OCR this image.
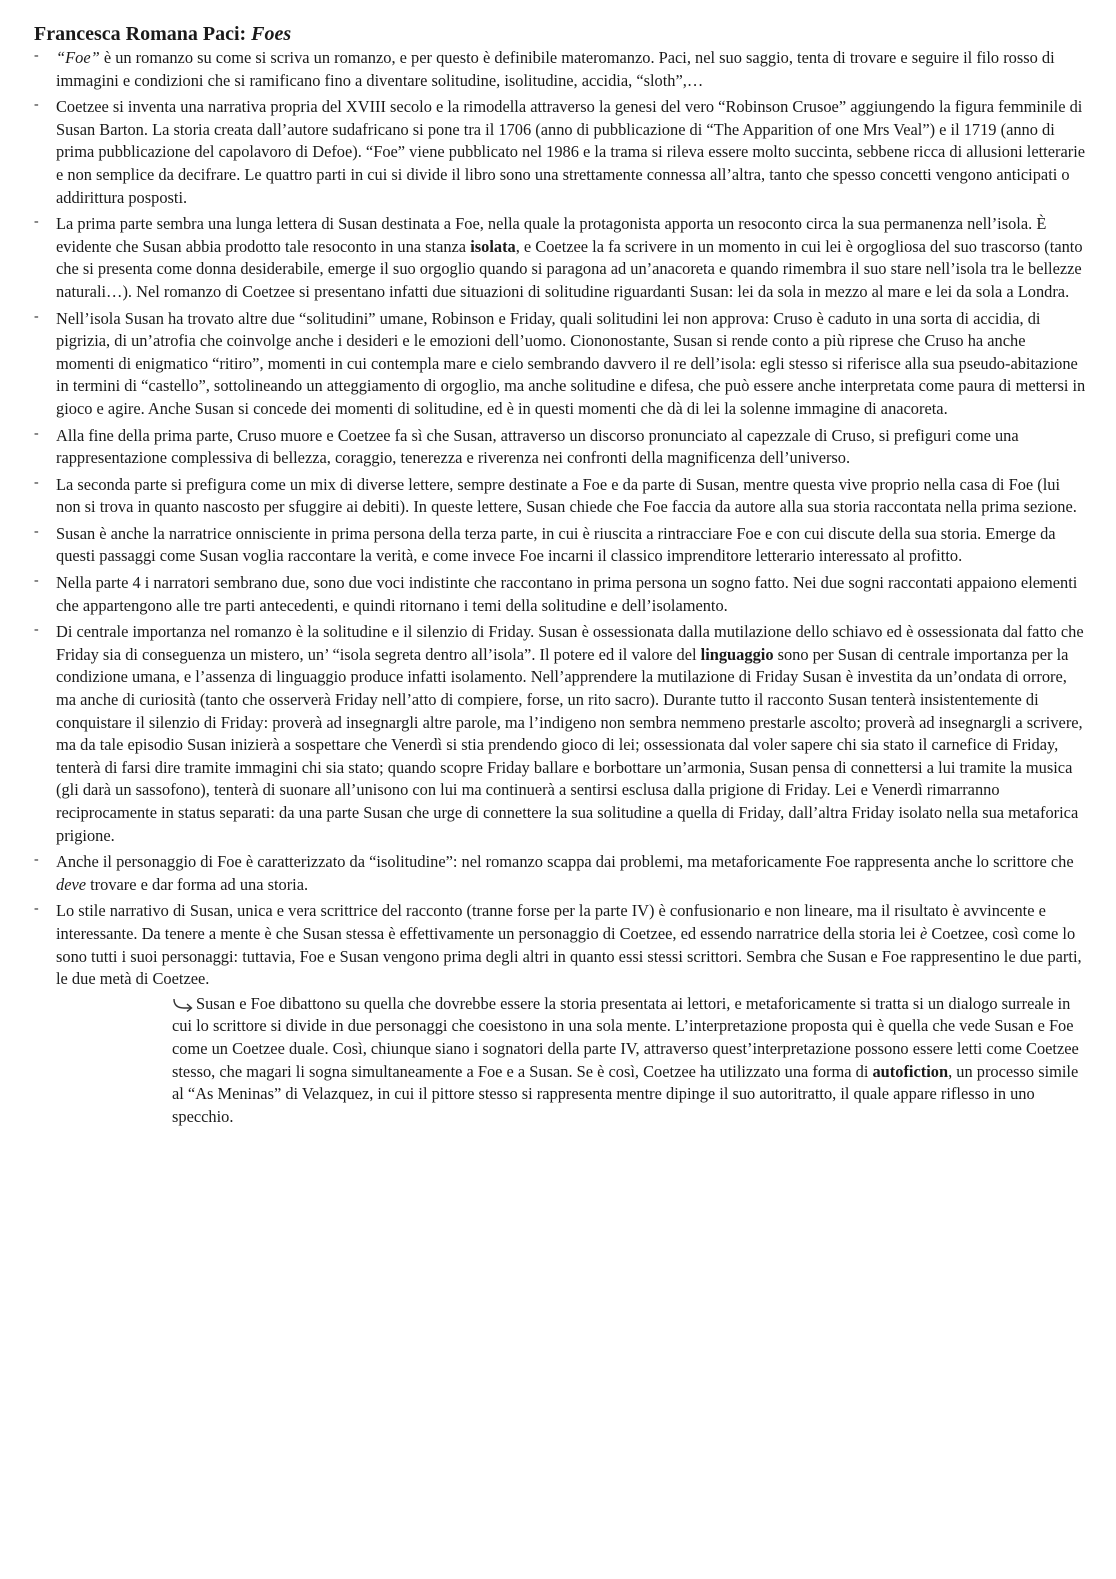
Francesca Romana Paci: Foes
- “Foe” è un romanzo su come si scriva un romanzo, e per questo è definibile materomanzo. Paci, nel suo saggio, tenta di trovare e seguire il filo rosso di immagini e condizioni che si ramificano fino a diventare solitudine, isolitudine, accidia, “sloth”,…
- Coetzee si inventa una narrativa propria del XVIII secolo e la rimodella attraverso la genesi del vero “Robinson Crusoe” aggiungendo la figura femminile di Susan Barton. La storia creata dall’autore sudafricano si pone tra il 1706 (anno di pubblicazione di “The Apparition of one Mrs Veal”) e il 1719 (anno di prima pubblicazione del capolavoro di Defoe). “Foe” viene pubblicato nel 1986 e la trama si rileva essere molto succinta, sebbene ricca di allusioni letterarie e non semplice da decifrare. Le quattro parti in cui si divide il libro sono una strettamente connessa all’altra, tanto che spesso concetti vengono anticipati o addirittura posposti.
- La prima parte sembra una lunga lettera di Susan destinata a Foe, nella quale la protagonista apporta un resoconto circa la sua permanenza nell’isola. È evidente che Susan abbia prodotto tale resoconto in una stanza isolata, e Coetzee la fa scrivere in un momento in cui lei è orgogliosa del suo trascorso (tanto che si presenta come donna desiderabile, emerge il suo orgoglio quando si paragona ad un’anacoreta e quando rimembra il suo stare nell’isola tra le bellezze naturali…). Nel romanzo di Coetzee si presentano infatti due situazioni di solitudine riguardanti Susan: lei da sola in mezzo al mare e lei da sola a Londra.
- Nell’isola Susan ha trovato altre due “solitudini” umane, Robinson e Friday, quali solitudini lei non approva: Cruso è caduto in una sorta di accidia, di pigrizia, di un’atrofia che coinvolge anche i desideri e le emozioni dell’uomo. Ciononostante, Susan si rende conto a più riprese che Cruso ha anche momenti di enigmatico “ritiro”, momenti in cui contempla mare e cielo sembrando davvero il re dell’isola: egli stesso si riferisce alla sua pseudo-abitazione in termini di “castello”, sottolineando un atteggiamento di orgoglio, ma anche solitudine e difesa, che può essere anche interpretata come paura di mettersi in gioco e agire. Anche Susan si concede dei momenti di solitudine, ed è in questi momenti che dà di lei la solenne immagine di anacoreta.
- Alla fine della prima parte, Cruso muore e Coetzee fa sì che Susan, attraverso un discorso pronunciato al capezzale di Cruso, si prefiguri come una rappresentazione complessiva di bellezza, coraggio, tenerezza e riverenza nei confronti della magnificenza dell’universo.
- La seconda parte si prefigura come un mix di diverse lettere, sempre destinate a Foe e da parte di Susan, mentre questa vive proprio nella casa di Foe (lui non si trova in quanto nascosto per sfuggire ai debiti). In queste lettere, Susan chiede che Foe faccia da autore alla sua storia raccontata nella prima sezione.
- Susan è anche la narratrice onnisciente in prima persona della terza parte, in cui è riuscita a rintracciare Foe e con cui discute della sua storia. Emerge da questi passaggi come Susan voglia raccontare la verità, e come invece Foe incarni il classico imprenditore letterario interessato al profitto.
- Nella parte 4 i narratori sembrano due, sono due voci indistinte che raccontano in prima persona un sogno fatto. Nei due sogni raccontati appaiono elementi che appartengono alle tre parti antecedenti, e quindi ritornano i temi della solitudine e dell’isolamento.
- Di centrale importanza nel romanzo è la solitudine e il silenzio di Friday. Susan è ossessionata dalla mutilazione dello schiavo ed è ossessionata dal fatto che Friday sia di conseguenza un mistero, un’ “isola segreta dentro all’isola”. Il potere ed il valore del linguaggio sono per Susan di centrale importanza per la condizione umana, e l’assenza di linguaggio produce infatti isolamento. Nell’apprendere la mutilazione di Friday Susan è investita da un’ondata di orrore, ma anche di curiosità (tanto che osserverà Friday nell’atto di compiere, forse, un rito sacro). Durante tutto il racconto Susan tenterà insistentemente di conquistare il silenzio di Friday: proverà ad insegnargli altre parole, ma l’indigeno non sembra nemmeno prestarle ascolto; proverà ad insegnargli a scrivere, ma da tale episodio Susan inizierà a sospettare che Venerdì si stia prendendo gioco di lei; ossessionata dal voler sapere chi sia stato il carnefice di Friday, tenterà di farsi dire tramite immagini chi sia stato; quando scopre Friday ballare e borbottare un’armonia, Susan pensa di connettersi a lui tramite la musica (gli darà un sassofono), tenterà di suonare all’unisono con lui ma continuerà a sentirsi esclusa dalla prigione di Friday. Lei e Venerdì rimarranno reciprocamente in status separati: da una parte Susan che urge di connettere la sua solitudine a quella di Friday, dall’altra Friday isolato nella sua metaforica prigione.
- Anche il personaggio di Foe è caratterizzato da “isolitudine”: nel romanzo scappa dai problemi, ma metaforicamente Foe rappresenta anche lo scrittore che deve trovare e dar forma ad una storia.
- Lo stile narrativo di Susan, unica e vera scrittrice del racconto (tranne forse per la parte IV) è confusionario e non lineare, ma il risultato è avvincente e interessante. Da tenere a mente è che Susan stessa è effettivamente un personaggio di Coetzee, ed essendo narratrice della storia lei è Coetzee, così come lo sono tutti i suoi personaggi: tuttavia, Foe e Susan vengono prima degli altri in quanto essi stessi scrittori. Sembra che Susan e Foe rappresentino le due parti, le due metà di Coetzee.
Susan e Foe dibattono su quella che dovrebbe essere la storia presentata ai lettori, e metaforicamente si tratta si un dialogo surreale in cui lo scrittore si divide in due personaggi che coesistono in una sola mente. L’interpretazione proposta qui è quella che vede Susan e Foe come un Coetzee duale. Così, chiunque siano i sognatori della parte IV, attraverso quest’interpretazione possono essere letti come Coetzee stesso, che magari li sogna simultaneamente a Foe e a Susan. Se è così, Coetzee ha utilizzato una forma di autofiction, un processo simile al “As Meninas” di Velazquez, in cui il pittore stesso si rappresenta mentre dipinge il suo autoritratto, il quale appare riflesso in uno specchio.
